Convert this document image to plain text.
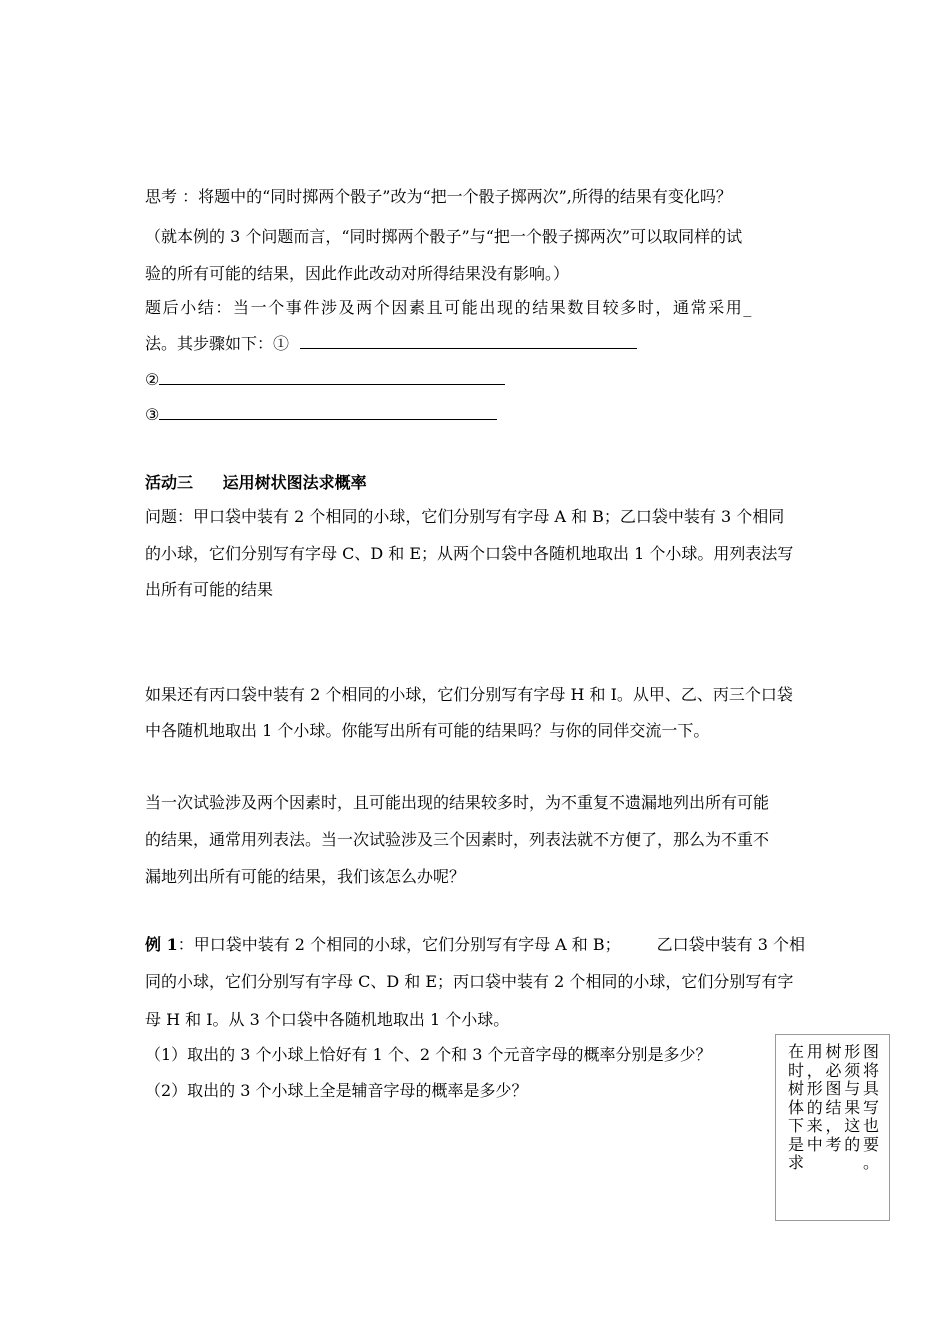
思考 ：将题中的“同时掷两个骰子”改为“把一个骰子掷两次”,所得的结果有变化吗？
（就本例的 3 个问题而言，“同时掷两个骰子”与“把一个骰子掷两次”可以取同样的试
验的所有可能的结果，因此作此改动对所得结果没有影响。）
题后小结：当一个事件涉及两个因素且可能出现的结果数目较多时，通常采用_
法。其步骤如下：①
②
③
活动三 运用树状图法求概率
问题：甲口袋中装有 2 个相同的小球，它们分别写有字母 A 和 B；乙口袋中装有 3 个相同
的小球，它们分别写有字母 C、D 和 E；从两个口袋中各随机地取出 1 个小球。用列表法写
出所有可能的结果
如果还有丙口袋中装有 2 个相同的小球，它们分别写有字母 H 和 I。从甲、乙、丙三个口袋
中各随机地取出 1 个小球。你能写出所有可能的结果吗？与你的同伴交流一下。
当一次试验涉及两个因素时，且可能出现的结果较多时，为不重复不遗漏地列出所有可能
的结果，通常用列表法。当一次试验涉及三个因素时，列表法就不方便了，那么为不重不
漏地列出所有可能的结果，我们该怎么办呢？
例 1：甲口袋中装有 2 个相同的小球，它们分别写有字母 A 和 B； 乙口袋中装有 3 个相
同的小球，它们分别写有字母 C、D 和 E；丙口袋中装有 2 个相同的小球，它们分别写有字
母 H 和 I。从 3 个口袋中各随机地取出 1 个小球。
（1）取出的 3 个小球上恰好有 1 个、2 个和 3 个元音字母的概率分别是多少？
（2）取出的 3 个小球上全是辅音字母的概率是多少？
在用树形图时，必须将树形图与具体的结果写下来，这也是中考的要求。
